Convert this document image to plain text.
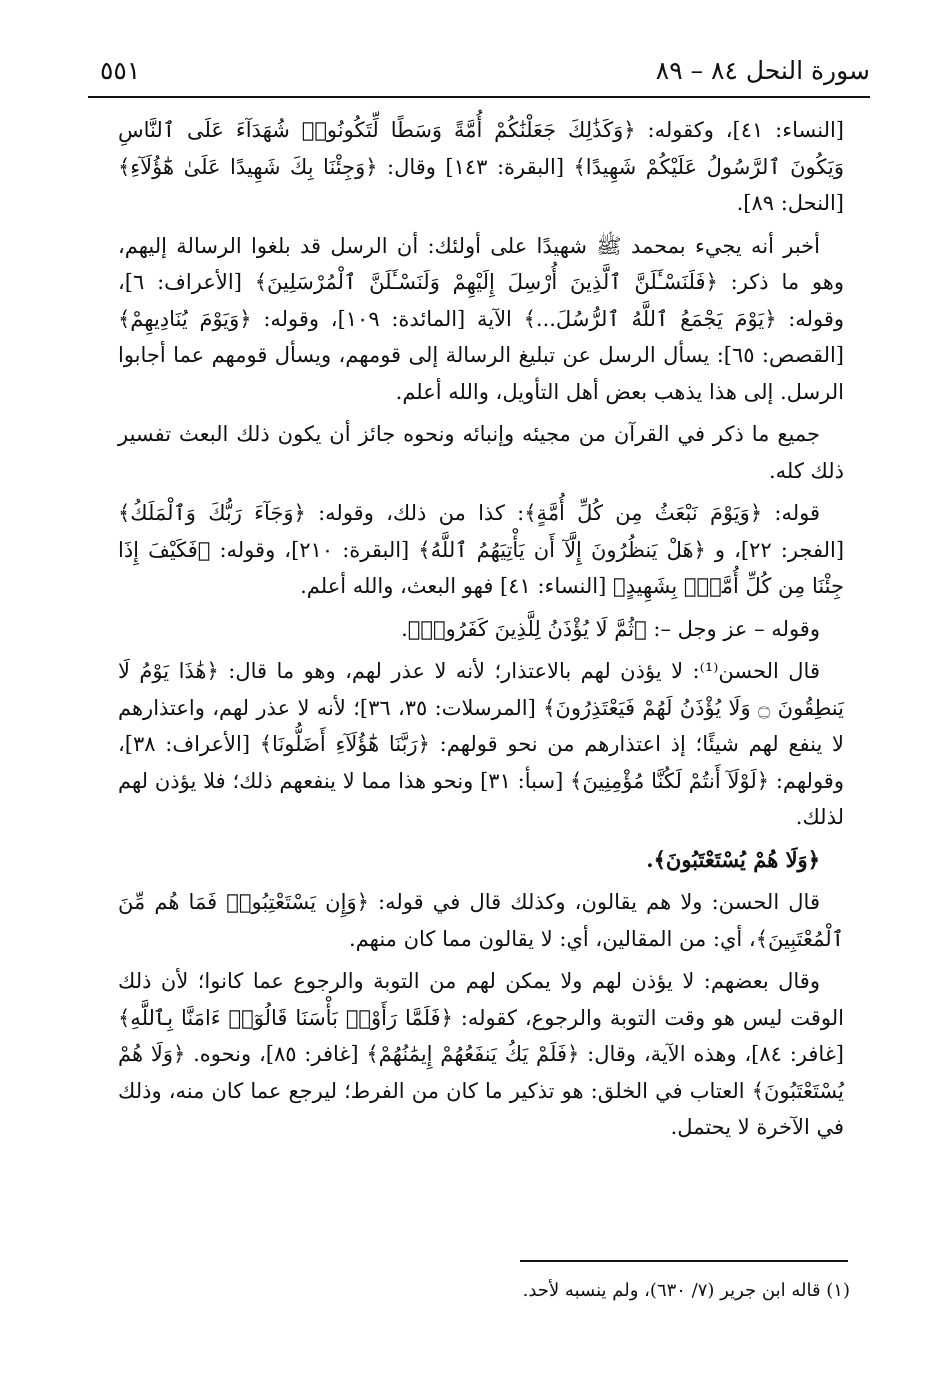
سورة النحل ٨٤ – ٨٩
٥٥١

[النساء: ٤١]، وكقوله: ﴿وَكَذَٰلِكَ جَعَلْنَٰكُمْ أُمَّةً وَسَطًا لِّتَكُونُوا۟ شُهَدَآءَ عَلَى ٱلنَّاسِ وَيَكُونَ ٱلرَّسُولُ عَلَيْكُمْ شَهِيدًا﴾ [البقرة: ١٤٣] وقال: ﴿وَجِئْنَا بِكَ شَهِيدًا عَلَىٰ هَٰٓؤُلَآءِ﴾ [النحل: ٨٩].

أخبر أنه يجيء بمحمد ﷺ شهيدًا على أولئك: أن الرسل قد بلغوا الرسالة إليهم، وهو ما ذكر: ﴿فَلَنَسْـَٔلَنَّ ٱلَّذِينَ أُرْسِلَ إِلَيْهِمْ وَلَنَسْـَٔلَنَّ ٱلْمُرْسَلِينَ﴾ [الأعراف: ٦]، وقوله: ﴿يَوْمَ يَجْمَعُ ٱللَّهُ ٱلرُّسُلَ...﴾ الآية [المائدة: ١٠٩]، وقوله: ﴿وَيَوْمَ يُنَادِيهِمْ﴾ [القصص: ٦٥]: يسأل الرسل عن تبليغ الرسالة إلى قومهم، ويسأل قومهم عما أجابوا الرسل. إلى هذا يذهب بعض أهل التأويل، والله أعلم.

جميع ما ذكر في القرآن من مجيئه وإنبائه ونحوه جائز أن يكون ذلك البعث تفسير ذلك كله.

قوله: ﴿وَيَوْمَ نَبْعَثُ مِن كُلِّ أُمَّةٍ﴾: كذا من ذلك، وقوله: ﴿وَجَآءَ رَبُّكَ وَٱلْمَلَكُ﴾ [الفجر: ٢٢]، و ﴿هَلْ يَنظُرُونَ إِلَّآ أَن يَأْتِيَهُمُ ٱللَّهُ﴾ [البقرة: ٢١٠]، وقوله: ﴿فَكَيْفَ إِذَا جِئْنَا مِن كُلِّ أُمَّةٍۭ بِشَهِيدٍ﴾ [النساء: ٤١] فهو البعث، والله أعلم.

وقوله – عز وجل –: ﴿ثُمَّ لَا يُؤْذَنُ لِلَّذِينَ كَفَرُوا۟﴾.

قال الحسن⁽¹⁾: لا يؤذن لهم بالاعتذار؛ لأنه لا عذر لهم، وهو ما قال: ﴿هَٰذَا يَوْمُ لَا يَنطِقُونَ ۝ وَلَا يُؤْذَنُ لَهُمْ فَيَعْتَذِرُونَ﴾ [المرسلات: ٣٥، ٣٦]؛ لأنه لا عذر لهم، واعتذارهم لا ينفع لهم شيئًا؛ إذ اعتذارهم من نحو قولهم: ﴿رَبَّنَا هَٰٓؤُلَآءِ أَضَلُّونَا﴾ [الأعراف: ٣٨]، وقولهم: ﴿لَوْلَآ أَنتُمْ لَكُنَّا مُؤْمِنِينَ﴾ [سبأ: ٣١] ونحو هذا مما لا ينفعهم ذلك؛ فلا يؤذن لهم لذلك.

﴿وَلَا هُمْ يُسْتَعْتَبُونَ﴾.

قال الحسن: ولا هم يقالون، وكذلك قال في قوله: ﴿وَإِن يَسْتَعْتِبُوا۟ فَمَا هُم مِّنَ ٱلْمُعْتَبِينَ﴾، أي: من المقالين، أي: لا يقالون مما كان منهم.

وقال بعضهم: لا يؤذن لهم ولا يمكن لهم من التوبة والرجوع عما كانوا؛ لأن ذلك الوقت ليس هو وقت التوبة والرجوع، كقوله: ﴿فَلَمَّا رَأَوْا۟ بَأْسَنَا قَالُوٓا۟ ءَامَنَّا بِٱللَّهِ﴾ [غافر: ٨٤]، وهذه الآية، وقال: ﴿فَلَمْ يَكُ يَنفَعُهُمْ إِيمَٰنُهُمْ﴾ [غافر: ٨٥]، ونحوه. ﴿وَلَا هُمْ يُسْتَعْتَبُونَ﴾ العتاب في الخلق: هو تذكير ما كان من الفرط؛ ليرجع عما كان منه، وذلك في الآخرة لا يحتمل.

(١) قاله ابن جرير (٧/ ٦٣٠)، ولم ينسبه لأحد.
